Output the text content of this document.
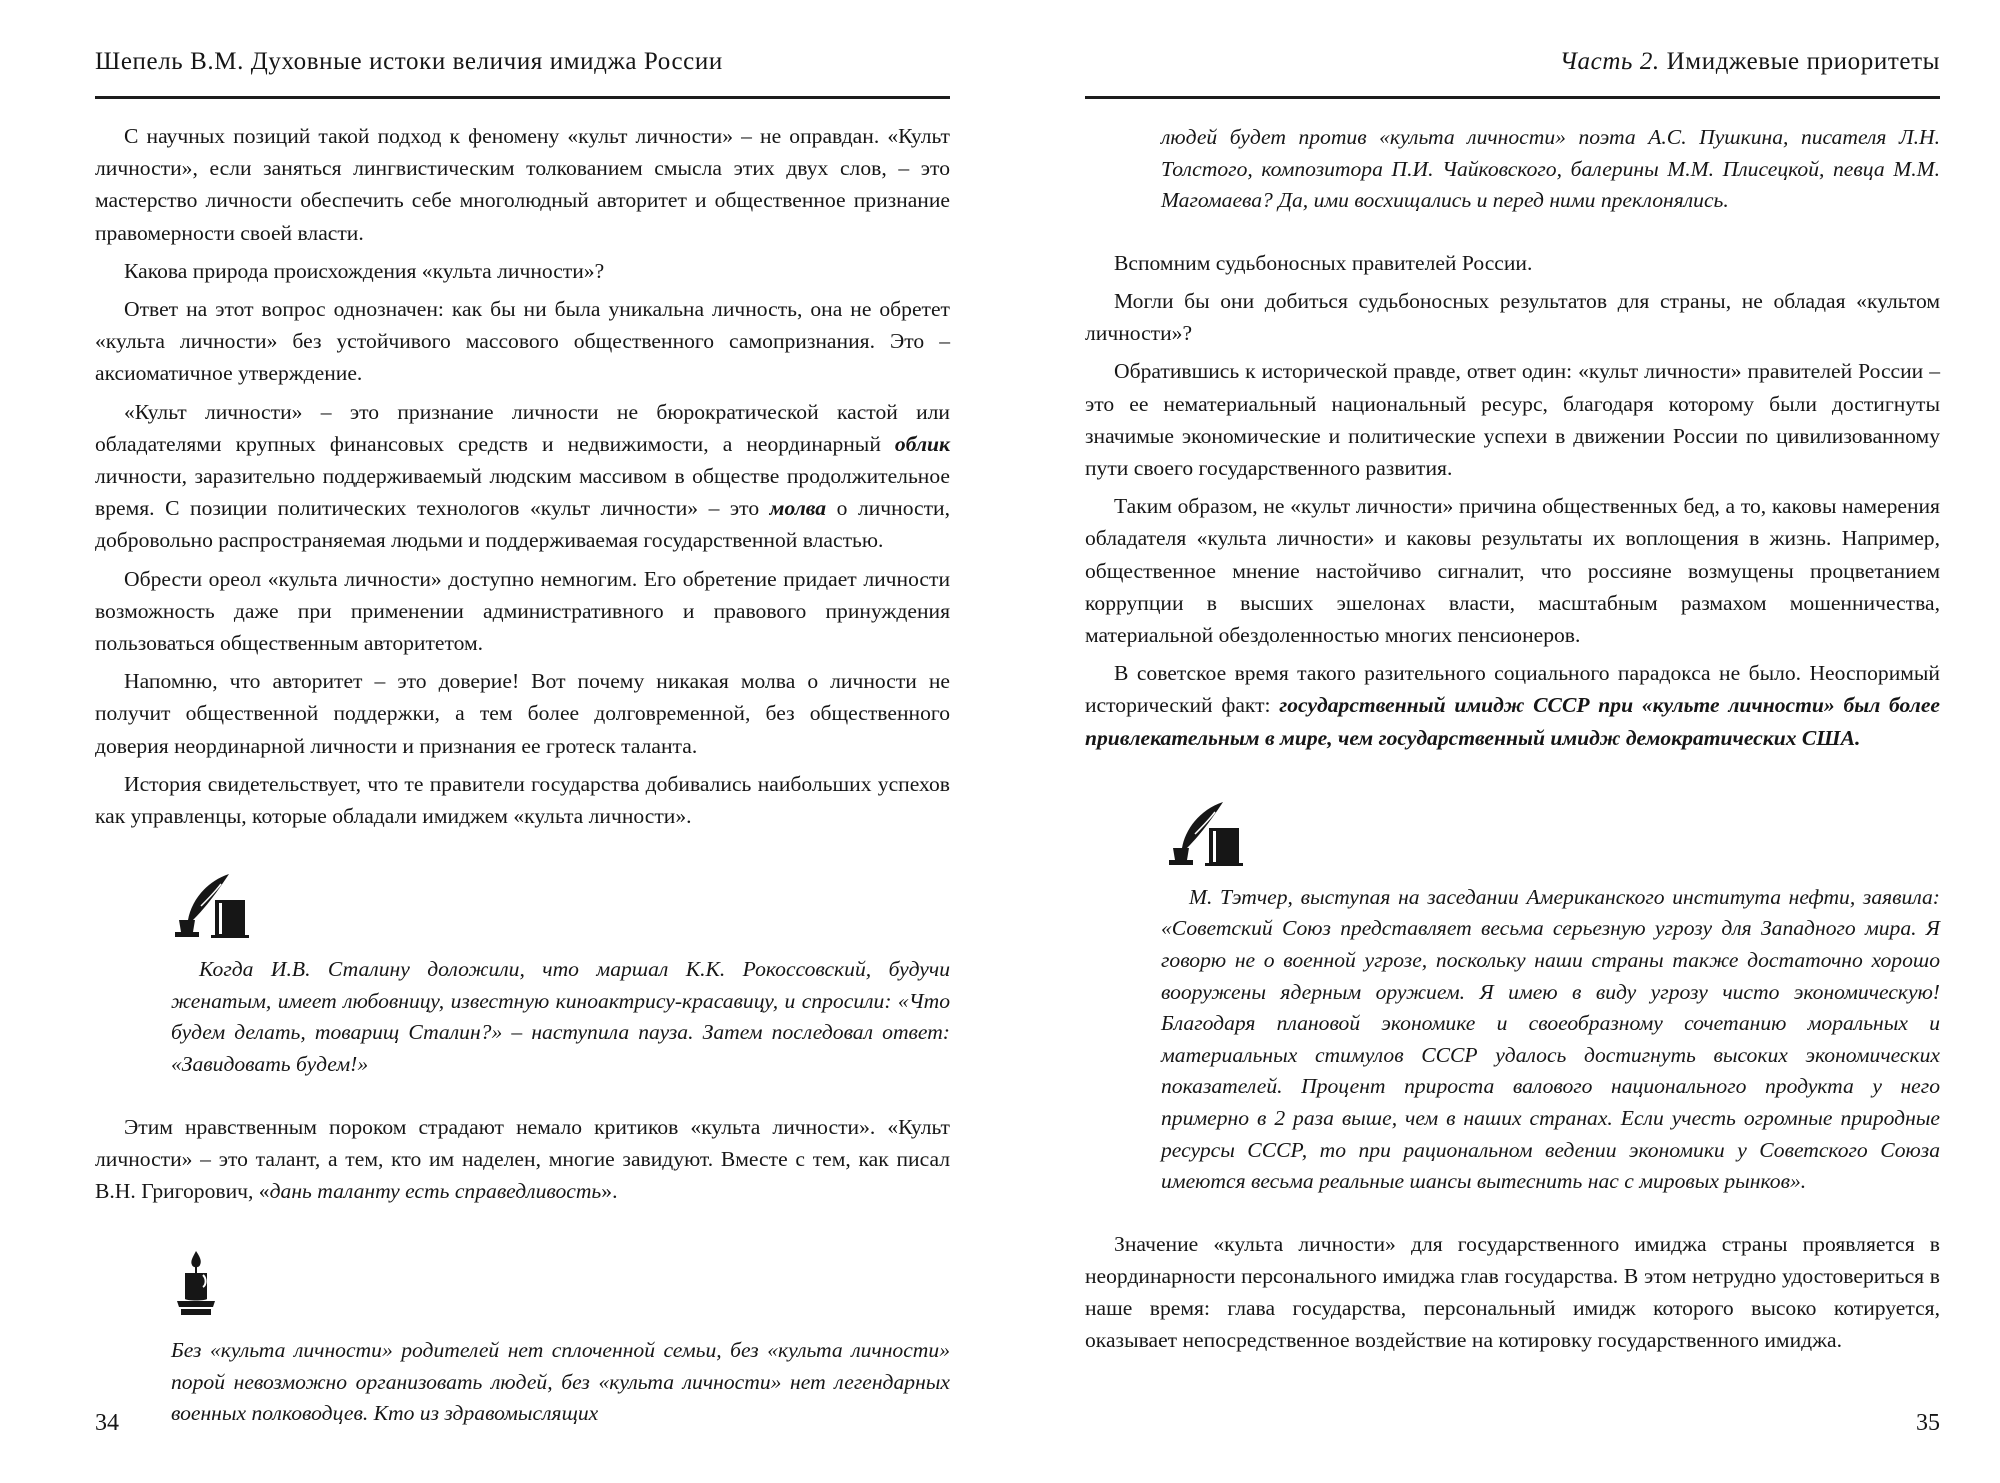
Шепель В.М. Духовные истоки величия имиджа России

С научных позиций такой подход к феномену «культ личности» – не оправдан. «Культ личности», если заняться лингвистическим толкованием смысла этих двух слов, – это мастерство личности обеспечить себе многолюдный авторитет и общественное признание правомерности своей власти.

Какова природа происхождения «культа личности»?

Ответ на этот вопрос однозначен: как бы ни была уникальна личность, она не обретет «культа личности» без устойчивого массового общественного самопризнания. Это – аксиоматичное утверждение.

«Культ личности» – это признание личности не бюрократической кастой или обладателями крупных финансовых средств и недвижимости, а неординарный облик личности, заразительно поддерживаемый людским массивом в обществе продолжительное время. С позиции политических технологов «культ личности» – это молва о личности, добровольно распространяемая людьми и поддерживаемая государственной властью.

Обрести ореол «культа личности» доступно немногим. Его обретение придает личности возможность даже при применении административного и правового принуждения пользоваться общественным авторитетом.

Напомню, что авторитет – это доверие! Вот почему никакая молва о личности не получит общественной поддержки, а тем более долговременной, без общественного доверия неординарной личности и признания ее гротеск таланта.

История свидетельствует, что те правители государства добивались наибольших успехов как управленцы, которые обладали имиджем «культа личности».

Когда И.В. Сталину доложили, что маршал К.К. Рокоссовский, будучи женатым, имеет любовницу, известную киноактрису-красавицу, и спросили: «Что будем делать, товарищ Сталин?» – наступила пауза. Затем последовал ответ: «Завидовать будем!»

Этим нравственным пороком страдают немало критиков «культа личности». «Культ личности» – это талант, а тем, кто им наделен, многие завидуют. Вместе с тем, как писал В.Н. Григорович, «дань таланту есть справедливость».

Без «культа личности» родителей нет сплоченной семьи, без «культа личности» порой невозможно организовать людей, без «культа личности» нет легендарных военных полководцев. Кто из здравомыслящих

34
Часть 2. Имиджевые приоритеты

людей будет против «культа личности» поэта А.С. Пушкина, писателя Л.Н. Толстого, композитора П.И. Чайковского, балерины М.М. Плисецкой, певца М.М. Магомаева? Да, ими восхищались и перед ними преклонялись.

Вспомним судьбоносных правителей России.

Могли бы они добиться судьбоносных результатов для страны, не обладая «культом личности»?

Обратившись к исторической правде, ответ один: «культ личности» правителей России – это ее нематериальный национальный ресурс, благодаря которому были достигнуты значимые экономические и политические успехи в движении России по цивилизованному пути своего государственного развития.

Таким образом, не «культ личности» причина общественных бед, а то, каковы намерения обладателя «культа личности» и каковы результаты их воплощения в жизнь. Например, общественное мнение настойчиво сигналит, что россияне возмущены процветанием коррупции в высших эшелонах власти, масштабным размахом мошенничества, материальной обездоленностью многих пенсионеров.

В советское время такого разительного социального парадокса не было. Неоспоримый исторический факт: государственный имидж СССР при «культе личности» был более привлекательным в мире, чем государственный имидж демократических США.

М. Тэтчер, выступая на заседании Американского института нефти, заявила: «Советский Союз представляет весьма серьезную угрозу для Западного мира. Я говорю не о военной угрозе, поскольку наши страны также достаточно хорошо вооружены ядерным оружием. Я имею в виду угрозу чисто экономическую! Благодаря плановой экономике и своеобразному сочетанию моральных и материальных стимулов СССР удалось достигнуть высоких экономических показателей. Процент прироста валового национального продукта у него примерно в 2 раза выше, чем в наших странах. Если учесть огромные природные ресурсы СССР, то при рациональном ведении экономики у Советского Союза имеются весьма реальные шансы вытеснить нас с мировых рынков».

Значение «культа личности» для государственного имиджа страны проявляется в неординарности персонального имиджа глав государства. В этом нетрудно удостовериться в наше время: глава государства, персональный имидж которого высоко котируется, оказывает непосредственное воздействие на котировку государственного имиджа.

35
